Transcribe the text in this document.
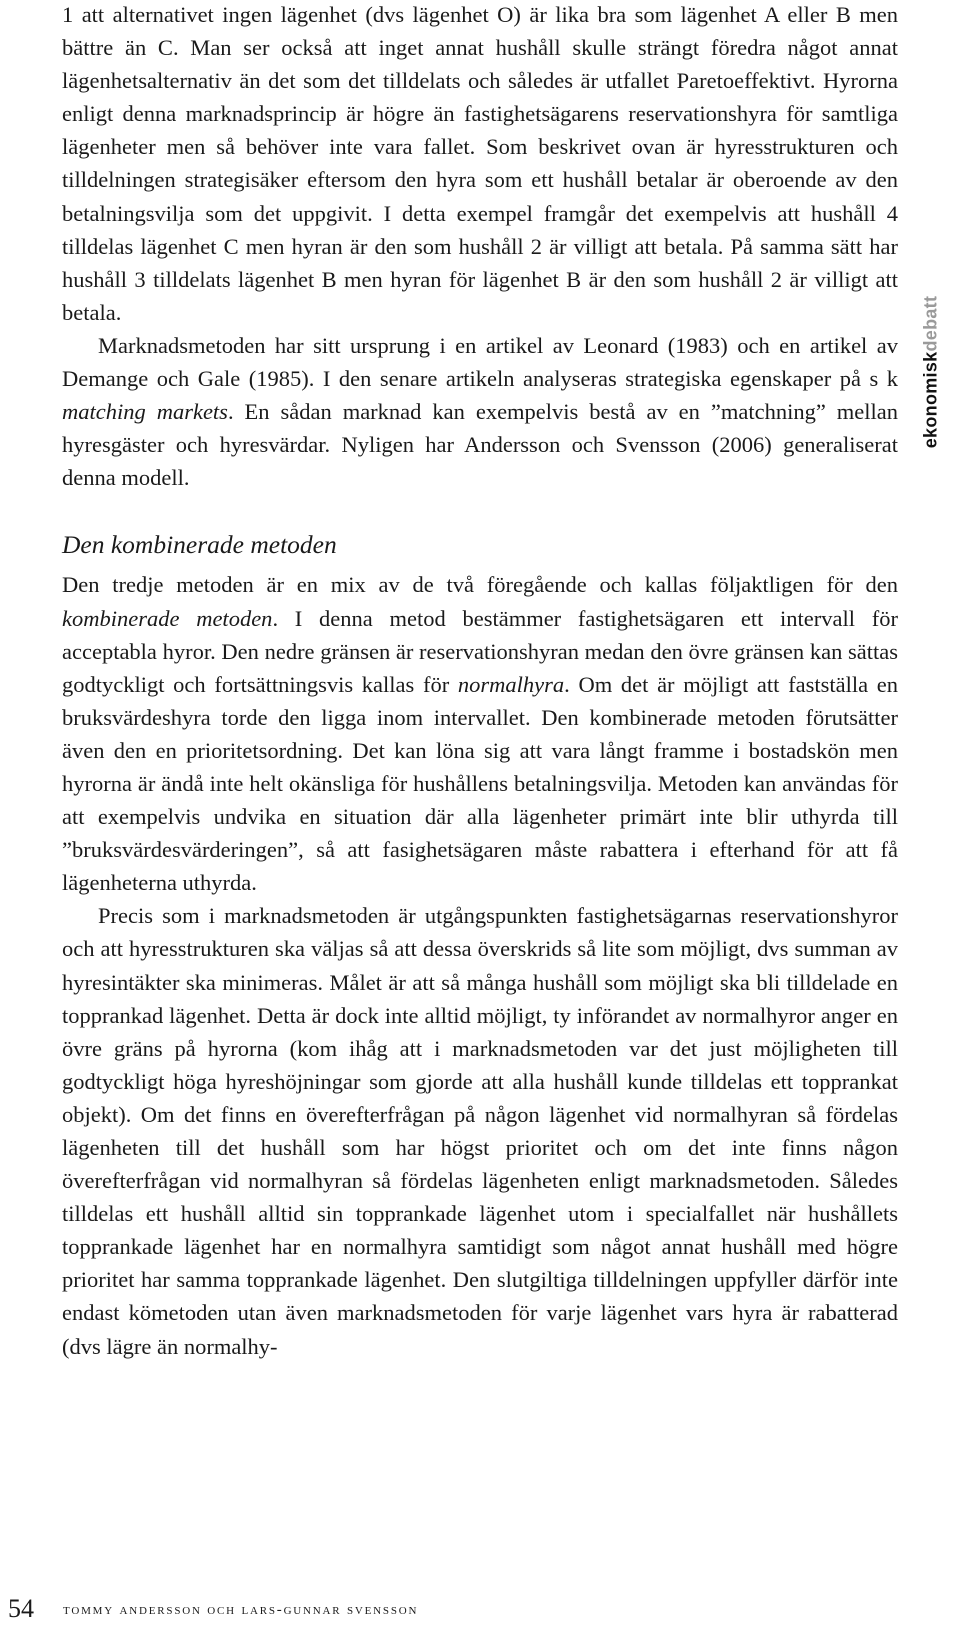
1 att alternativet ingen lägenhet (dvs lägenhet O) är lika bra som lägenhet A eller B men bättre än C. Man ser också att inget annat hushåll skulle strängt föredra något annat lägenhetsalternativ än det som det tilldelats och således är utfallet Paretoeffektivt. Hyrorna enligt denna marknadsprincip är högre än fastighetsägarens reservationshyra för samtliga lägenheter men så behöver inte vara fallet. Som beskrivet ovan är hyresstrukturen och tilldelningen strategisäker eftersom den hyra som ett hushåll betalar är oberoende av den betalningsvilja som det uppgivit. I detta exempel framgår det exempelvis att hushåll 4 tilldelas lägenhet C men hyran är den som hushåll 2 är villigt att betala. På samma sätt har hushåll 3 tilldelats lägenhet B men hyran för lägenhet B är den som hushåll 2 är villigt att betala.

Marknadsmetoden har sitt ursprung i en artikel av Leonard (1983) och en artikel av Demange och Gale (1985). I den senare artikeln analyseras strategiska egenskaper på s k matching markets. En sådan marknad kan exempelvis bestå av en ”matchning” mellan hyresgäster och hyresvärdar. Nyligen har Andersson och Svensson (2006) generaliserat denna modell.

Den kombinerade metoden

Den tredje metoden är en mix av de två föregående och kallas följaktligen för den kombinerade metoden. I denna metod bestämmer fastighetsägaren ett intervall för acceptabla hyror. Den nedre gränsen är reservationshyran medan den övre gränsen kan sättas godtyckligt och fortsättningsvis kallas för normalhyra. Om det är möjligt att fastställa en bruksvärdeshyra torde den ligga inom intervallet. Den kombinerade metoden förutsätter även den en prioritetsordning. Det kan löna sig att vara långt framme i bostadskön men hyrorna är ändå inte helt okänsliga för hushållens betalningsvilja. Metoden kan användas för att exempelvis undvika en situation där alla lägenheter primärt inte blir uthyrda till ”bruksvärdesvärderingen”, så att fasighetsägaren måste rabattera i efterhand för att få lägenheterna uthyrda.

Precis som i marknadsmetoden är utgångspunkten fastighetsägarnas reservationshyror och att hyresstrukturen ska väljas så att dessa överskrids så lite som möjligt, dvs summan av hyresintäkter ska minimeras. Målet är att så många hushåll som möjligt ska bli tilldelade en topprankad lägenhet. Detta är dock inte alltid möjligt, ty införandet av normalhyror anger en övre gräns på hyrorna (kom ihåg att i marknadsmetoden var det just möjligheten till godtyckligt höga hyreshöjningar som gjorde att alla hushåll kunde tilldelas ett topprankat objekt). Om det finns en överefterfrågan på någon lägenhet vid normalhyran så fördelas lägenheten till det hushåll som har högst prioritet och om det inte finns någon överefterfrågan vid normalhyran så fördelas lägenheten enligt marknadsmetoden. Således tilldelas ett hushåll alltid sin topprankade lägenhet utom i specialfallet när hushållets topprankade lägenhet har en normalhyra samtidigt som något annat hushåll med högre prioritet har samma topprankade lägenhet. Den slutgiltiga tilldelningen uppfyller därför inte endast kömetoden utan även marknadsmetoden för varje lägenhet vars hyra är rabatterad (dvs lägre än normalhy-

ekonomiskdebatt
54 tommy andersson och lars-gunnar svensson
